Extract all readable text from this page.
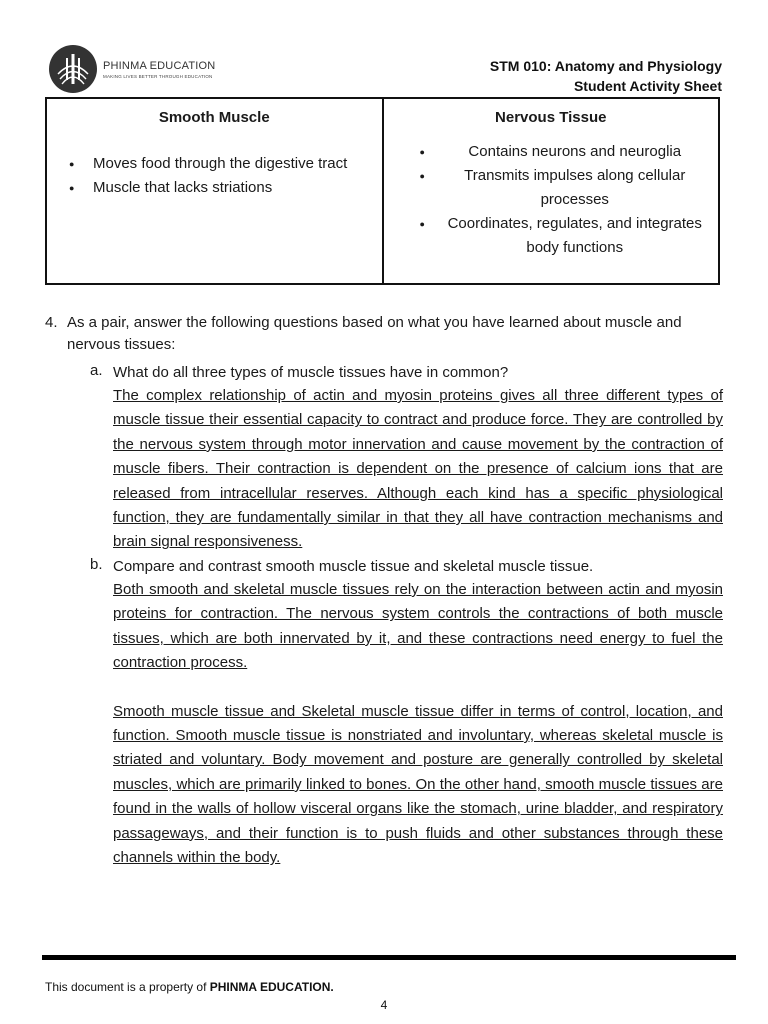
PHINMA EDUCATION
MAKING LIVES BETTER THROUGH EDUCATION
STM 010: Anatomy and Physiology
Student Activity Sheet
Smooth Muscle
● Moves food through the digestive tract
● Muscle that lacks striations

Nervous Tissue
● Contains neurons and neuroglia
● Transmits impulses along cellular processes
● Coordinates, regulates, and integrates body functions
4. As a pair, answer the following questions based on what you have learned about muscle and nervous tissues:
a. What do all three types of muscle tissues have in common?

The complex relationship of actin and myosin proteins gives all three different types of muscle tissue their essential capacity to contract and produce force. They are controlled by the nervous system through motor innervation and cause movement by the contraction of muscle fibers. Their contraction is dependent on the presence of calcium ions that are released from intracellular reserves. Although each kind has a specific physiological function, they are fundamentally similar in that they all have contraction mechanisms and brain signal responsiveness.

b. Compare and contrast smooth muscle tissue and skeletal muscle tissue.

Both smooth and skeletal muscle tissues rely on the interaction between actin and myosin proteins for contraction. The nervous system controls the contractions of both muscle tissues, which are both innervated by it, and these contractions need energy to fuel the contraction process.

Smooth muscle tissue and Skeletal muscle tissue differ in terms of control, location, and function. Smooth muscle tissue is nonstriated and involuntary, whereas skeletal muscle is striated and voluntary. Body movement and posture are generally controlled by skeletal muscles, which are primarily linked to bones. On the other hand, smooth muscle tissues are found in the walls of hollow visceral organs like the stomach, urine bladder, and respiratory passageways, and their function is to push fluids and other substances through these channels within the body.

This document is a property of PHINMA EDUCATION.
4
